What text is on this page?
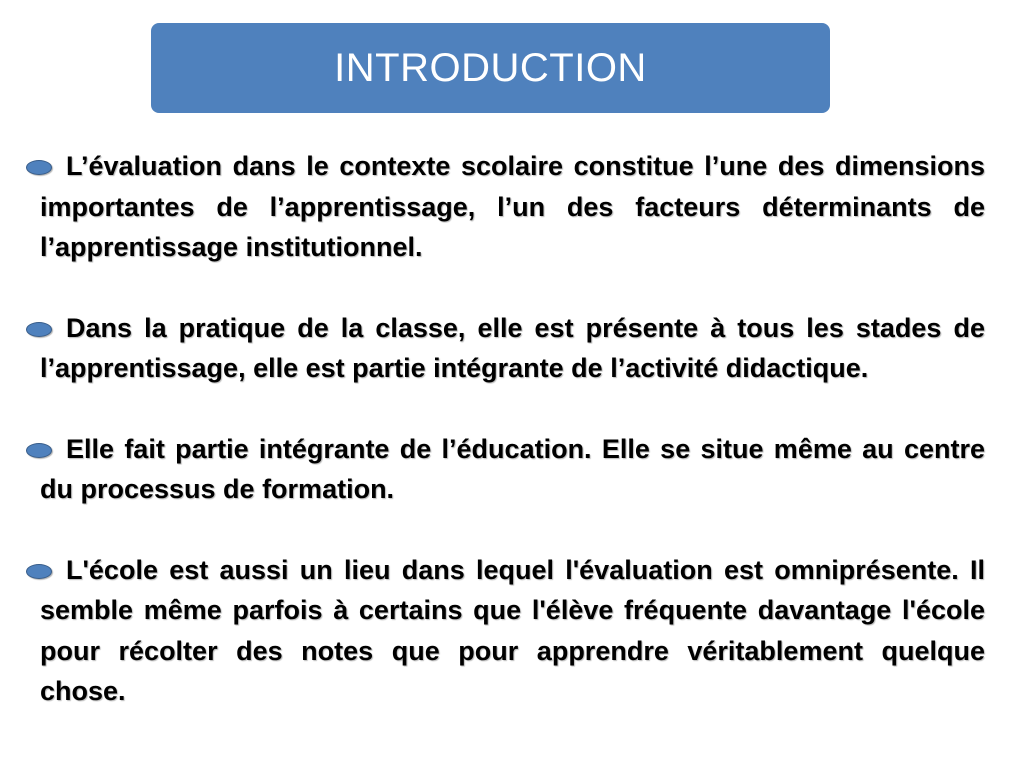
INTRODUCTION

L’évaluation dans le contexte scolaire constitue l’une des dimensions importantes de l’apprentissage, l’un des facteurs déterminants de l’apprentissage institutionnel.

Dans la pratique de la classe, elle est présente à tous les stades de l’apprentissage, elle est partie intégrante de l’activité didactique.

Elle fait partie intégrante de l’éducation. Elle se situe même au centre du processus de formation.

L'école est aussi un lieu dans lequel l'évaluation est omniprésente. Il semble même parfois à certains que l'élève fréquente davantage l'école pour récolter des notes que pour apprendre véritablement quelque chose.
